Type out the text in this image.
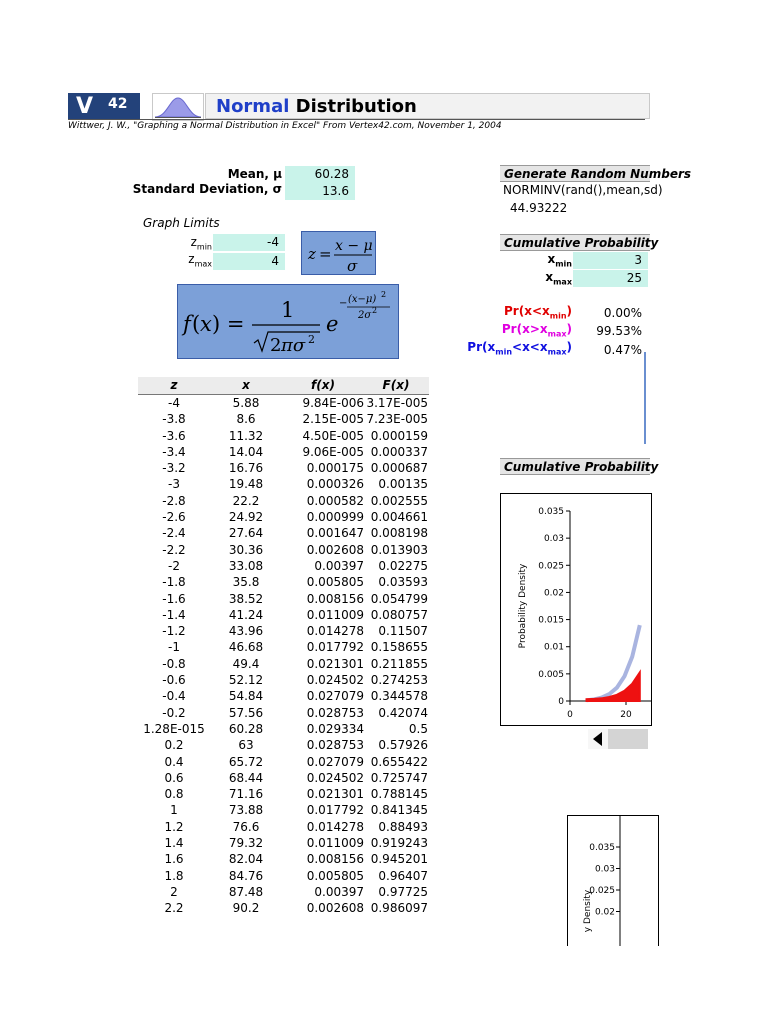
V 42	Normal Distribution
Wittwer, J. W., "Graphing a Normal Distribution in Excel" From Vertex42.com, November 1, 2004
Mean, μ	60.28
Standard Deviation, σ	13.6
Graph Limits
$z_{min}$	-4
$z_{max}$	4	z = x − μ
σ
f ( x ) =
1
2 πσ 2
e
− (x−μ) 2
2σ 2
Generate Random Numbers
NORMINV(rand(),mean,sd)
44.93222
Cumulative Probability
$x_{min}$	3
$x_{max}$	25
$Pr(x<x_{min})$	0.00%
$Pr(x>x_{max})$	99.53%
$Pr(x_{min}<x<x_{max})$	0.47%
Cumulative Probability
0.035
0.03
0.025
0.02
0.015
0.01
0.005
0
0	20
Probability Density
0.035
0.03
0.025
0.02
y Density
z	x	f(x)	F(x)
-4	5.88	9.84E-006 3.17E-005
-3.8	8.6	2.15E-005 7.23E-005
-3.6	11.32	4.50E-005 0.000159
-3.4	14.04	9.06E-005 0.000337
-3.2	16.76	0.000175 0.000687
-3	19.48	0.000326	0.00135
-2.8	22.2	0.000582 0.002555
-2.6	24.92	0.000999 0.004661
-2.4	27.64	0.001647 0.008198
-2.2	30.36	0.002608 0.013903
-2	33.08	0.00397	0.02275
-1.8	35.8	0.005805	0.03593
-1.6	38.52	0.008156 0.054799
-1.4	41.24	0.011009 0.080757
-1.2	43.96	0.014278	0.11507
-1	46.68	0.017792 0.158655
-0.8	49.4	0.021301 0.211855
-0.6	52.12	0.024502 0.274253
-0.4	54.84	0.027079 0.344578
-0.2	57.56	0.028753	0.42074
1.28E-015	60.28	0.029334	0.5
0.2	63	0.028753	0.57926
0.4	65.72	0.027079 0.655422
0.6	68.44	0.024502 0.725747
0.8	71.16	0.021301 0.788145
1	73.88	0.017792 0.841345
1.2	76.6	0.014278	0.88493
1.4	79.32	0.011009 0.919243
1.6	82.04	0.008156 0.945201
1.8	84.76	0.005805	0.96407
2	87.48	0.00397	0.97725
2.2	90.2	0.002608 0.986097
